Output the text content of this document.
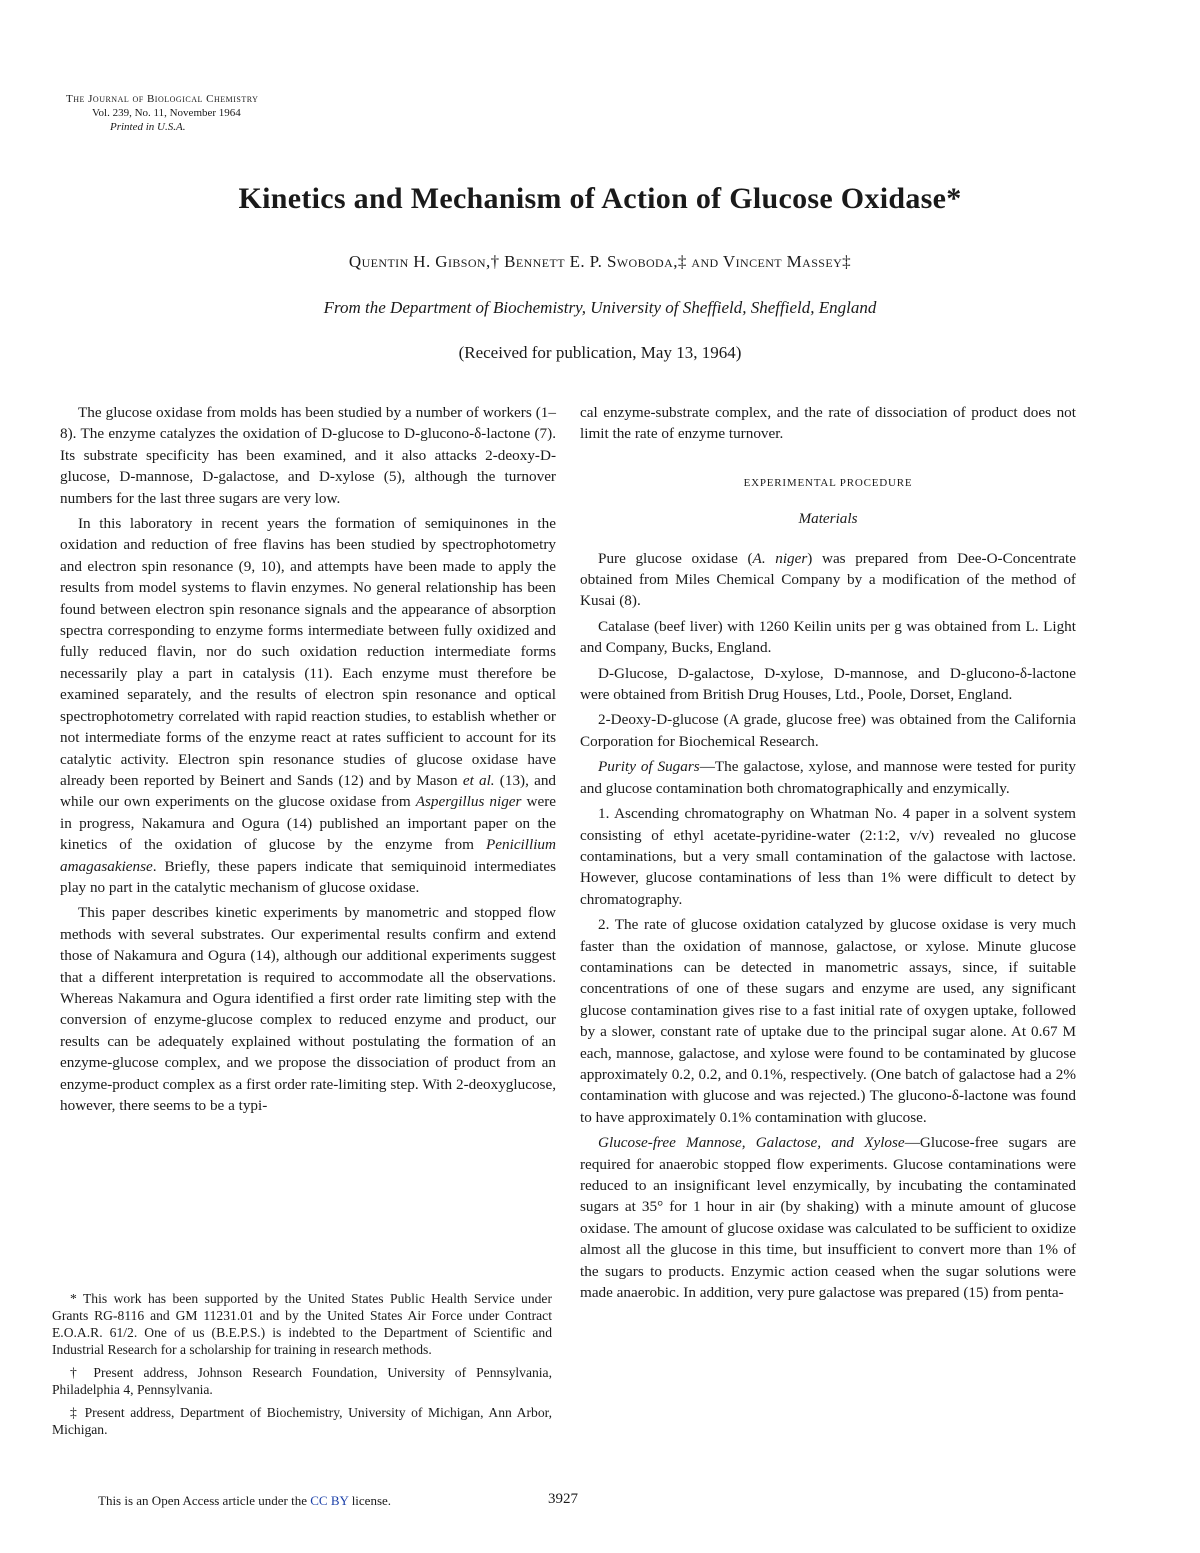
The Journal of Biological Chemistry
Vol. 239, No. 11, November 1964
Printed in U.S.A.
Kinetics and Mechanism of Action of Glucose Oxidase*
Quentin H. Gibson,† Bennett E. P. Swoboda,‡ and Vincent Massey‡
From the Department of Biochemistry, University of Sheffield, Sheffield, England
(Received for publication, May 13, 1964)

The glucose oxidase from molds has been studied by a number of workers (1–8). The enzyme catalyzes the oxidation of D-glucose to D-glucono-δ-lactone (7). Its substrate specificity has been examined, and it also attacks 2-deoxy-D-glucose, D-mannose, D-galactose, and D-xylose (5), although the turnover numbers for the last three sugars are very low.

In this laboratory in recent years the formation of semiquinones in the oxidation and reduction of free flavins has been studied by spectrophotometry and electron spin resonance (9, 10), and attempts have been made to apply the results from model systems to flavin enzymes. No general relationship has been found between electron spin resonance signals and the appearance of absorption spectra corresponding to enzyme forms intermediate between fully oxidized and fully reduced flavin, nor do such oxidation reduction intermediate forms necessarily play a part in catalysis (11). Each enzyme must therefore be examined separately, and the results of electron spin resonance and optical spectrophotometry correlated with rapid reaction studies, to establish whether or not intermediate forms of the enzyme react at rates sufficient to account for its catalytic activity. Electron spin resonance studies of glucose oxidase have already been reported by Beinert and Sands (12) and by Mason et al. (13), and while our own experiments on the glucose oxidase from Aspergillus niger were in progress, Nakamura and Ogura (14) published an important paper on the kinetics of the oxidation of glucose by the enzyme from Penicillium amagasakiense. Briefly, these papers indicate that semiquinoid intermediates play no part in the catalytic mechanism of glucose oxidase.

This paper describes kinetic experiments by manometric and stopped flow methods with several substrates. Our experimental results confirm and extend those of Nakamura and Ogura (14), although our additional experiments suggest that a different interpretation is required to accommodate all the observations. Whereas Nakamura and Ogura identified a first order rate limiting step with the conversion of enzyme-glucose complex to reduced enzyme and product, our results can be adequately explained without postulating the formation of an enzyme-glucose complex, and we propose the dissociation of product from an enzyme-product complex as a first order rate-limiting step. With 2-deoxyglucose, however, there seems to be a typi-

* This work has been supported by the United States Public Health Service under Grants RG-8116 and GM 11231.01 and by the United States Air Force under Contract E.O.A.R. 61/2. One of us (B.E.P.S.) is indebted to the Department of Scientific and Industrial Research for a scholarship for training in research methods.

† Present address, Johnson Research Foundation, University of Pennsylvania, Philadelphia 4, Pennsylvania.

‡ Present address, Department of Biochemistry, University of Michigan, Ann Arbor, Michigan.

cal enzyme-substrate complex, and the rate of dissociation of product does not limit the rate of enzyme turnover.

EXPERIMENTAL PROCEDURE
Materials

Pure glucose oxidase (A. niger) was prepared from Dee-O-Concentrate obtained from Miles Chemical Company by a modification of the method of Kusai (8).

Catalase (beef liver) with 1260 Keilin units per g was obtained from L. Light and Company, Bucks, England.

D-Glucose, D-galactose, D-xylose, D-mannose, and D-glucono-δ-lactone were obtained from British Drug Houses, Ltd., Poole, Dorset, England.

2-Deoxy-D-glucose (A grade, glucose free) was obtained from the California Corporation for Biochemical Research.

Purity of Sugars—The galactose, xylose, and mannose were tested for purity and glucose contamination both chromatographically and enzymically.

1. Ascending chromatography on Whatman No. 4 paper in a solvent system consisting of ethyl acetate-pyridine-water (2:1:2, v/v) revealed no glucose contaminations, but a very small contamination of the galactose with lactose. However, glucose contaminations of less than 1% were difficult to detect by chromatography.

2. The rate of glucose oxidation catalyzed by glucose oxidase is very much faster than the oxidation of mannose, galactose, or xylose. Minute glucose contaminations can be detected in manometric assays, since, if suitable concentrations of one of these sugars and enzyme are used, any significant glucose contamination gives rise to a fast initial rate of oxygen uptake, followed by a slower, constant rate of uptake due to the principal sugar alone. At 0.67 M each, mannose, galactose, and xylose were found to be contaminated by glucose approximately 0.2, 0.2, and 0.1%, respectively. (One batch of galactose had a 2% contamination with glucose and was rejected.) The glucono-δ-lactone was found to have approximately 0.1% contamination with glucose.

Glucose-free Mannose, Galactose, and Xylose—Glucose-free sugars are required for anaerobic stopped flow experiments. Glucose contaminations were reduced to an insignificant level enzymically, by incubating the contaminated sugars at 35° for 1 hour in air (by shaking) with a minute amount of glucose oxidase. The amount of glucose oxidase was calculated to be sufficient to oxidize almost all the glucose in this time, but insufficient to convert more than 1% of the sugars to products. Enzymic action ceased when the sugar solutions were made anaerobic. In addition, very pure galactose was prepared (15) from penta-

This is an Open Access article under the CC BY license.	3927
